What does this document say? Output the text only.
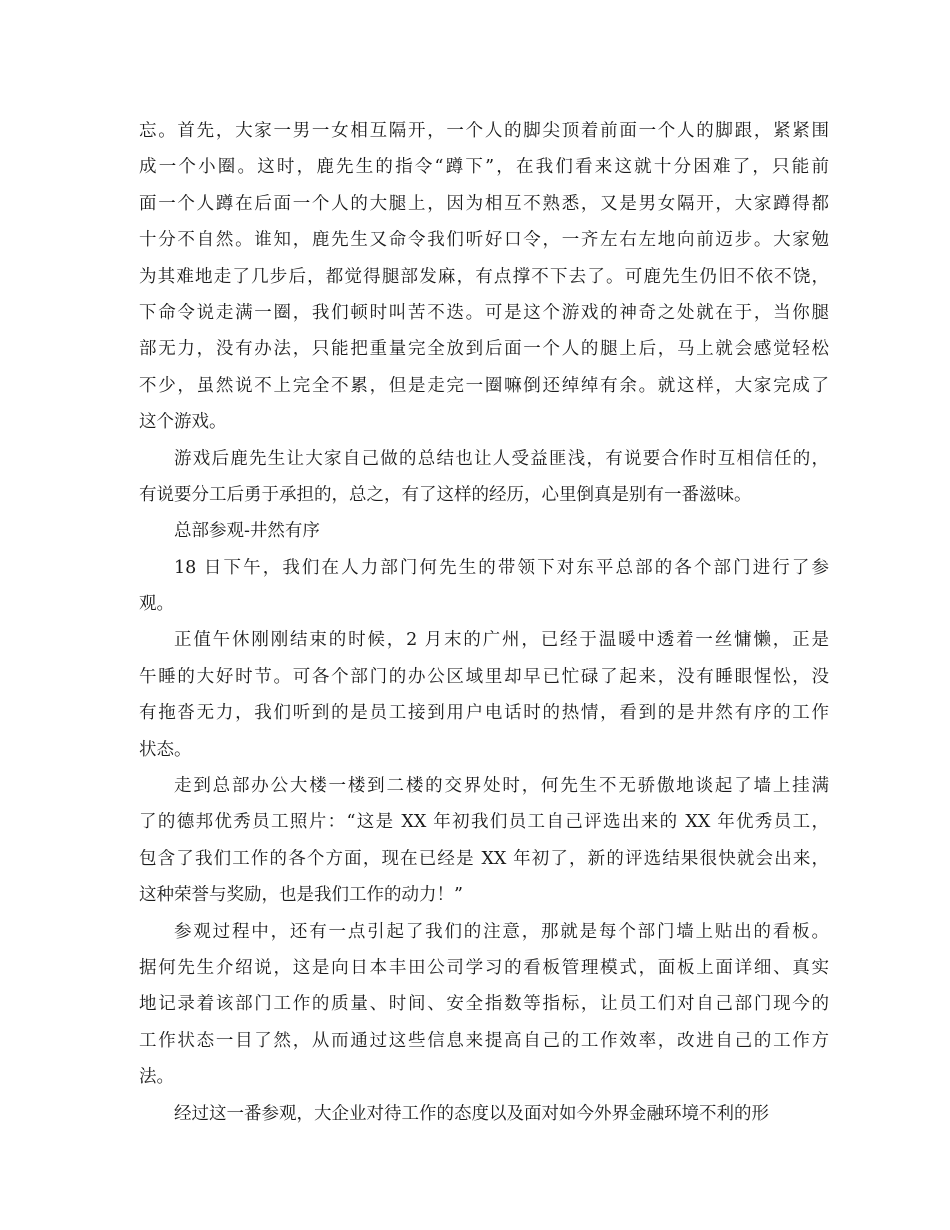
忘。首先，大家一男一女相互隔开，一个人的脚尖顶着前面一个人的脚跟，紧紧围
成一个小圈。这时，鹿先生的指令“蹲下”，在我们看来这就十分困难了，只能前
面一个人蹲在后面一个人的大腿上，因为相互不熟悉，又是男女隔开，大家蹲得都
十分不自然。谁知，鹿先生又命令我们听好口令，一齐左右左地向前迈步。大家勉
为其难地走了几步后，都觉得腿部发麻，有点撑不下去了。可鹿先生仍旧不依不饶，
下命令说走满一圈，我们顿时叫苦不迭。可是这个游戏的神奇之处就在于，当你腿
部无力，没有办法，只能把重量完全放到后面一个人的腿上后，马上就会感觉轻松
不少，虽然说不上完全不累，但是走完一圈嘛倒还绰绰有余。就这样，大家完成了
这个游戏。
游戏后鹿先生让大家自己做的总结也让人受益匪浅，有说要合作时互相信任的，
有说要分工后勇于承担的，总之，有了这样的经历，心里倒真是别有一番滋味。
总部参观-井然有序
18 日下午，我们在人力部门何先生的带领下对东平总部的各个部门进行了参
观。
正值午休刚刚结束的时候，2 月末的广州，已经于温暖中透着一丝慵懒，正是
午睡的大好时节。可各个部门的办公区域里却早已忙碌了起来，没有睡眼惺忪，没
有拖沓无力，我们听到的是员工接到用户电话时的热情，看到的是井然有序的工作
状态。
走到总部办公大楼一楼到二楼的交界处时，何先生不无骄傲地谈起了墙上挂满
了的德邦优秀员工照片：“这是 XX 年初我们员工自己评选出来的 XX 年优秀员工，
包含了我们工作的各个方面，现在已经是 XX 年初了，新的评选结果很快就会出来，
这种荣誉与奖励，也是我们工作的动力！”
参观过程中，还有一点引起了我们的注意，那就是每个部门墙上贴出的看板。
据何先生介绍说，这是向日本丰田公司学习的看板管理模式，面板上面详细、真实
地记录着该部门工作的质量、时间、安全指数等指标，让员工们对自己部门现今的
工作状态一目了然，从而通过这些信息来提高自己的工作效率，改进自己的工作方
法。
经过这一番参观，大企业对待工作的态度以及面对如今外界金融环境不利的形
